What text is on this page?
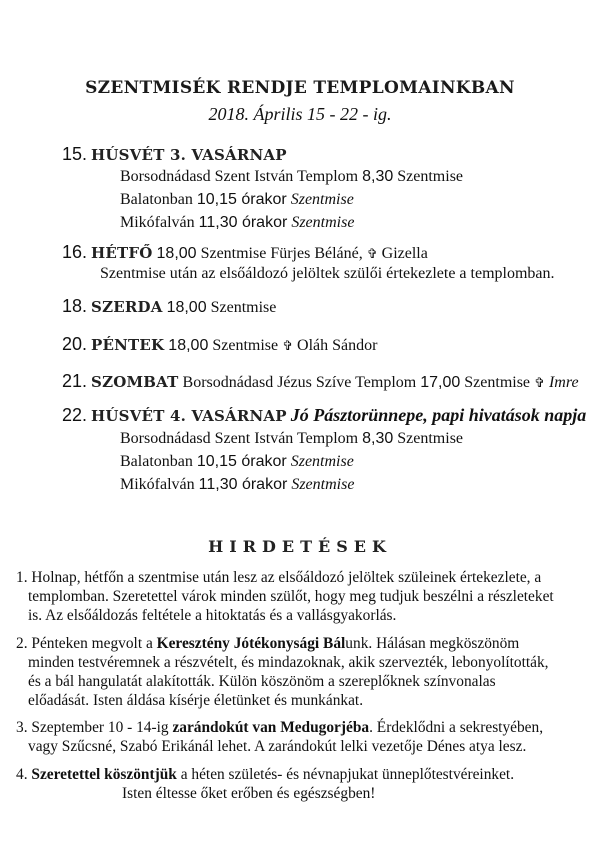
SZENTMISÉK RENDJE TEMPLOMAINKBAN
2018. Április 15 - 22 - ig.
15. HÚSVÉT 3. VASÁRNAP
Borsodnádasd Szent István Templom 8,30 Szentmise
Balatonban 10,15 órakor Szentmise
Mikófalván 11,30 órakor Szentmise
16. HÉTFŐ 18,00 Szentmise Fürjes Béláné, ✞ Gizella
Szentmise után az elsőáldozó jelöltek szülői értekezlete a templomban.
18. SZERDA 18,00 Szentmise
20. PÉNTEK 18,00 Szentmise ✞ Oláh Sándor
21. SZOMBAT Borsodnádasd Jézus Szíve Templom 17,00 Szentmise ✞ Imre
22. HÚSVÉT 4. VASÁRNAP Jó Pásztorünnepe, papi hivatások napja
Borsodnádasd Szent István Templom 8,30 Szentmise
Balatonban 10,15 órakor Szentmise
Mikófalván 11,30 órakor Szentmise
HIRDETÉSEK
1. Holnap, hétfőn a szentmise után lesz az elsőáldozó jelöltek szüleinek értekezlete, a
templomban. Szeretettel várok minden szülőt, hogy meg tudjuk beszélni a részleteket
is. Az elsőáldozás feltétele a hitoktatás és a vallásgyakorlás.
2. Pénteken megvolt a Keresztény Jótékonysági Bálunk. Hálásan megköszönöm
minden testvéremnek a részvételt, és mindazoknak, akik szervezték, lebonyolították,
és a bál hangulatát alakították. Külön köszönöm a szereplőknek színvonalas
előadását. Isten áldása kísérje életünket és munkánkat.
3. Szeptember 10 - 14-ig zarándokút van Medugorjéba. Érdeklődni a sekrestyében,
vagy Szűcsné, Szabó Erikánál lehet. A zarándokút lelki vezetője Dénes atya lesz.
4. Szeretettel köszöntjük a héten születés- és névnapjukat ünneplőtestvéreinket.
Isten éltesse őket erőben és egészségben!
